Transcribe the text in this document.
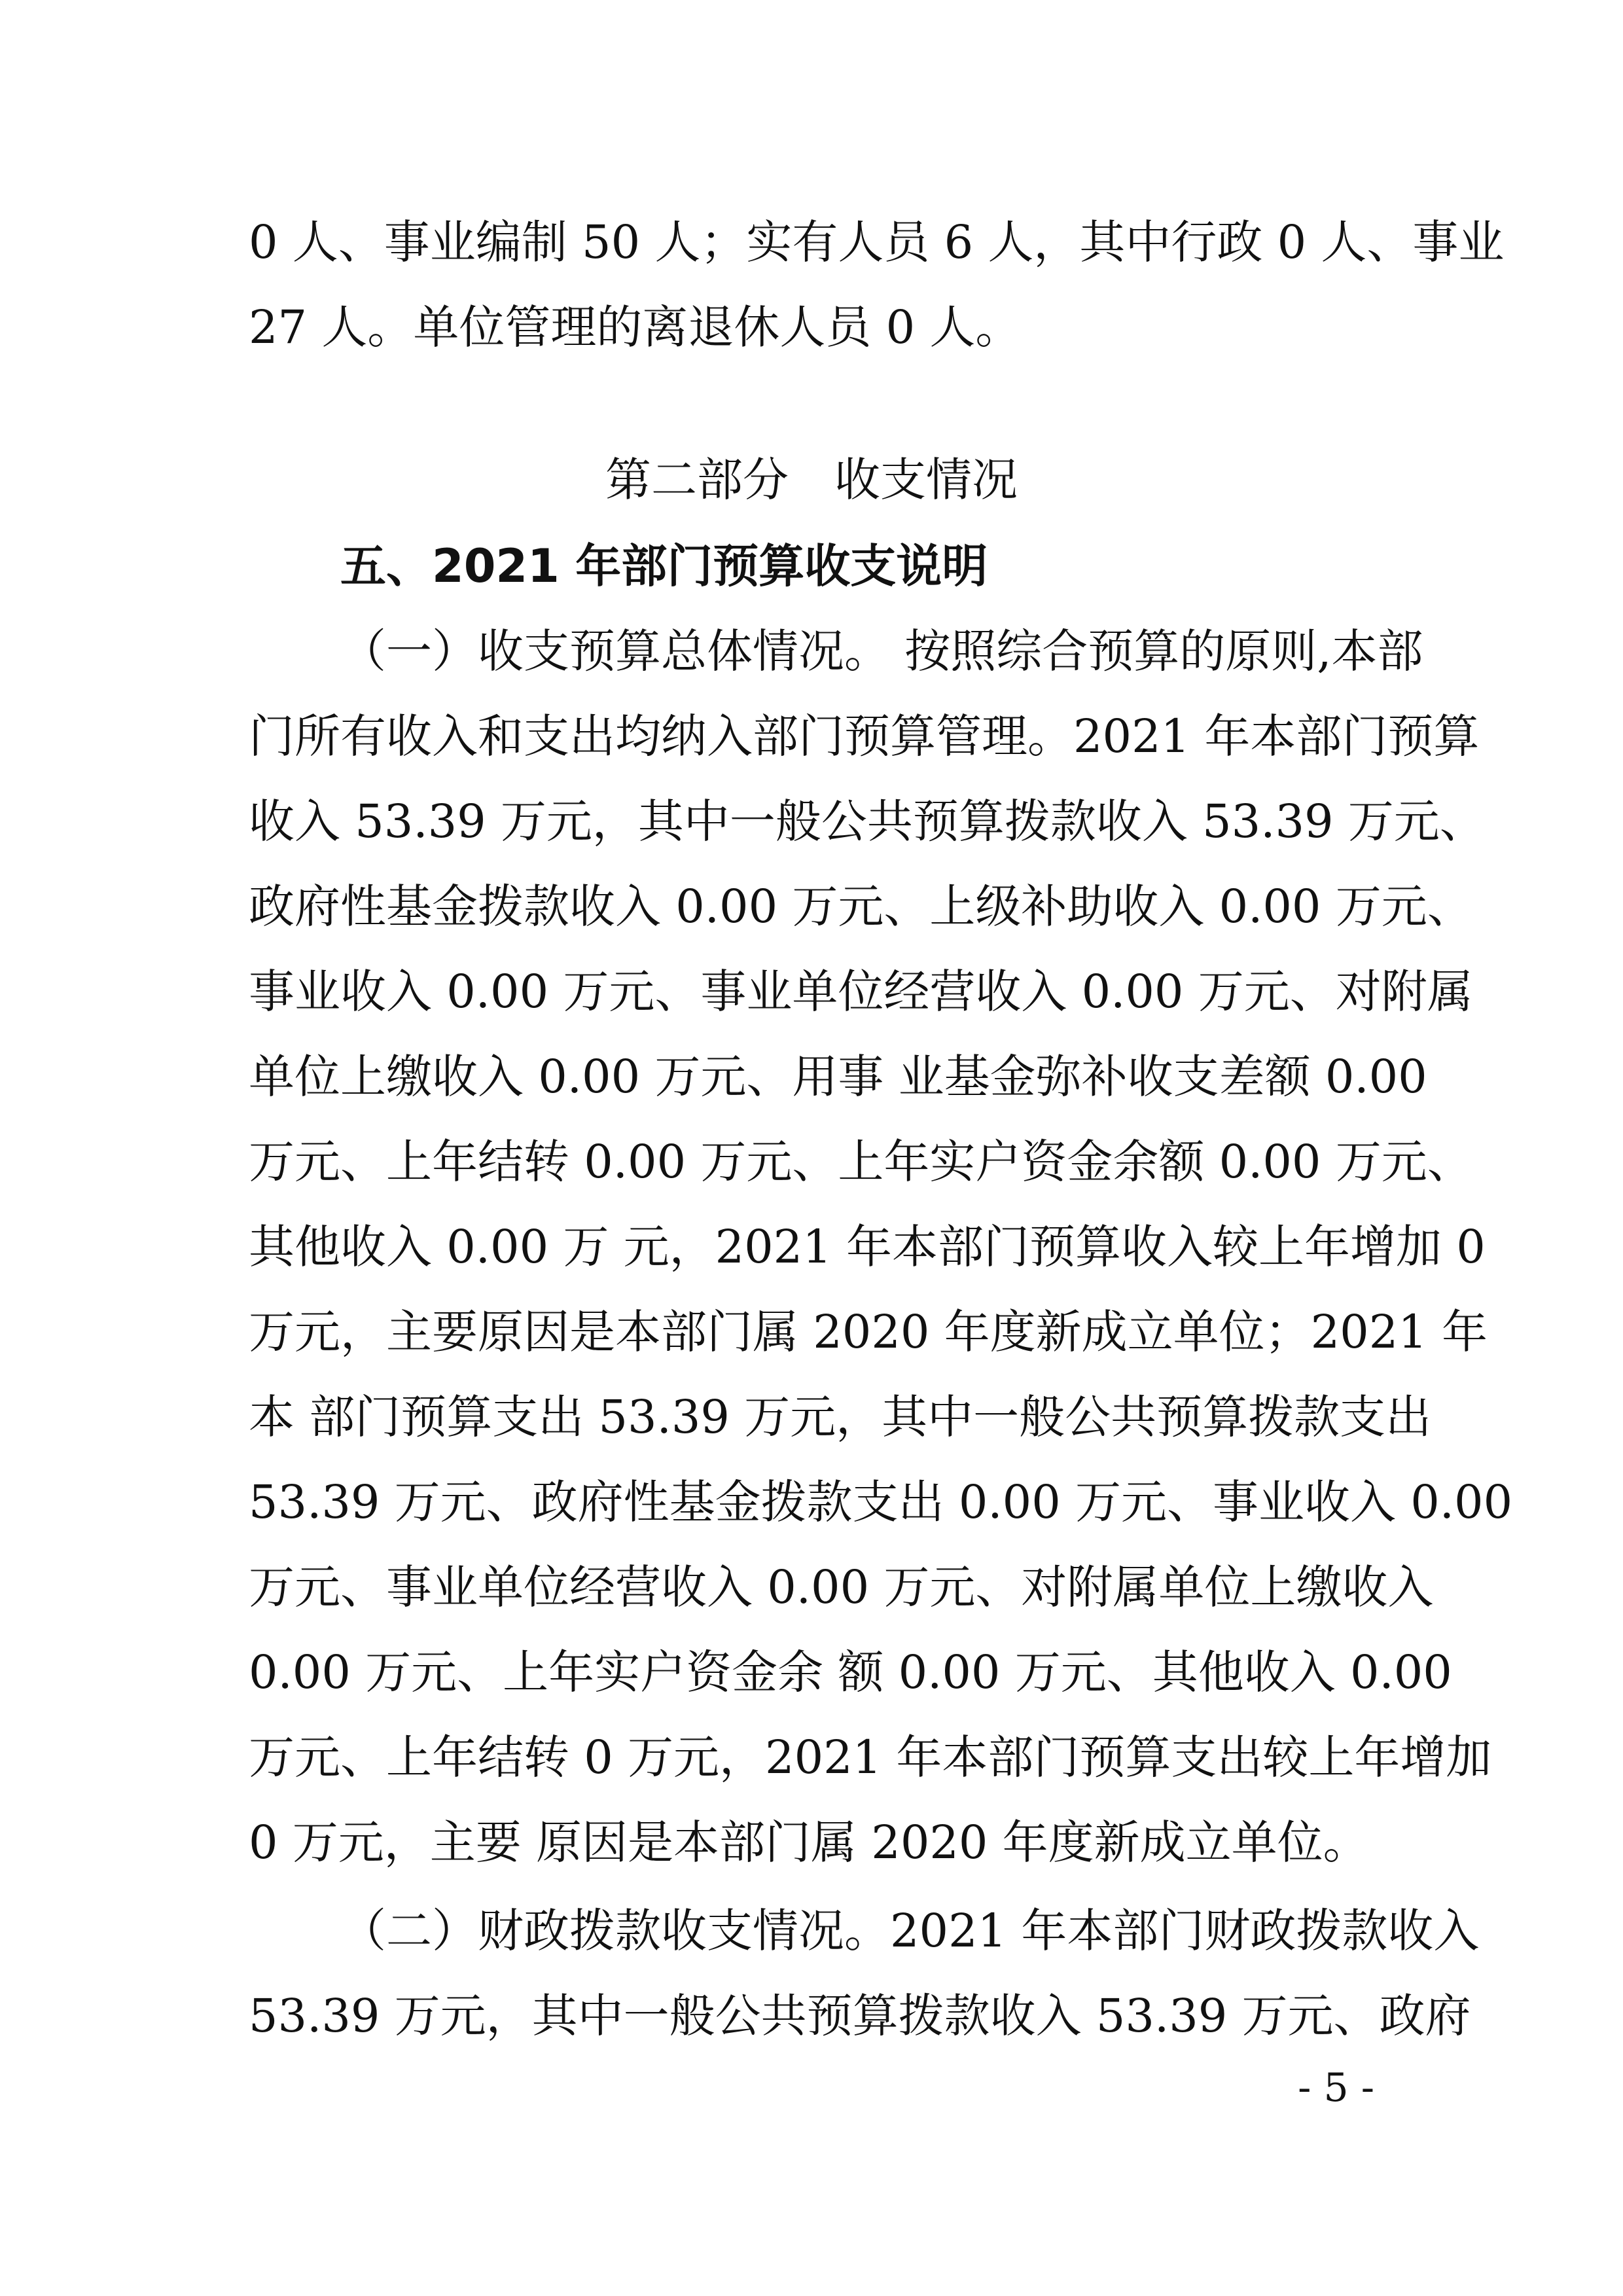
0 人、事业编制 50 人；实有人员 6 人，其中行政 0 人、事业
27 人。单位管理的离退休人员 0 人。
第二部分　收支情况
五、2021 年部门预算收支说明
（一）收支预算总体情况。 按照综合预算的原则,本部
门所有收入和支出均纳入部门预算管理。2021 年本部门预算
收入 53.39 万元，其中一般公共预算拨款收入 53.39 万元、
政府性基金拨款收入 0.00 万元、上级补助收入 0.00 万元、
事业收入 0.00 万元、事业单位经营收入 0.00 万元、对附属
单位上缴收入 0.00 万元、用事 业基金弥补收支差额 0.00
万元、上年结转 0.00 万元、上年实户资金余额 0.00 万元、
其他收入 0.00 万 元，2021 年本部门预算收入较上年增加 0
万元，主要原因是本部门属 2020 年度新成立单位；2021 年
本 部门预算支出 53.39 万元，其中一般公共预算拨款支出
53.39 万元、政府性基金拨款支出 0.00 万元、事业收入 0.00
万元、事业单位经营收入 0.00 万元、对附属单位上缴收入
0.00 万元、上年实户资金余 额 0.00 万元、其他收入 0.00
万元、上年结转 0 万元，2021 年本部门预算支出较上年增加
0 万元，主要 原因是本部门属 2020 年度新成立单位。
（二）财政拨款收支情况。2021 年本部门财政拨款收入
53.39 万元，其中一般公共预算拨款收入 53.39 万元、政府
- 5 -
